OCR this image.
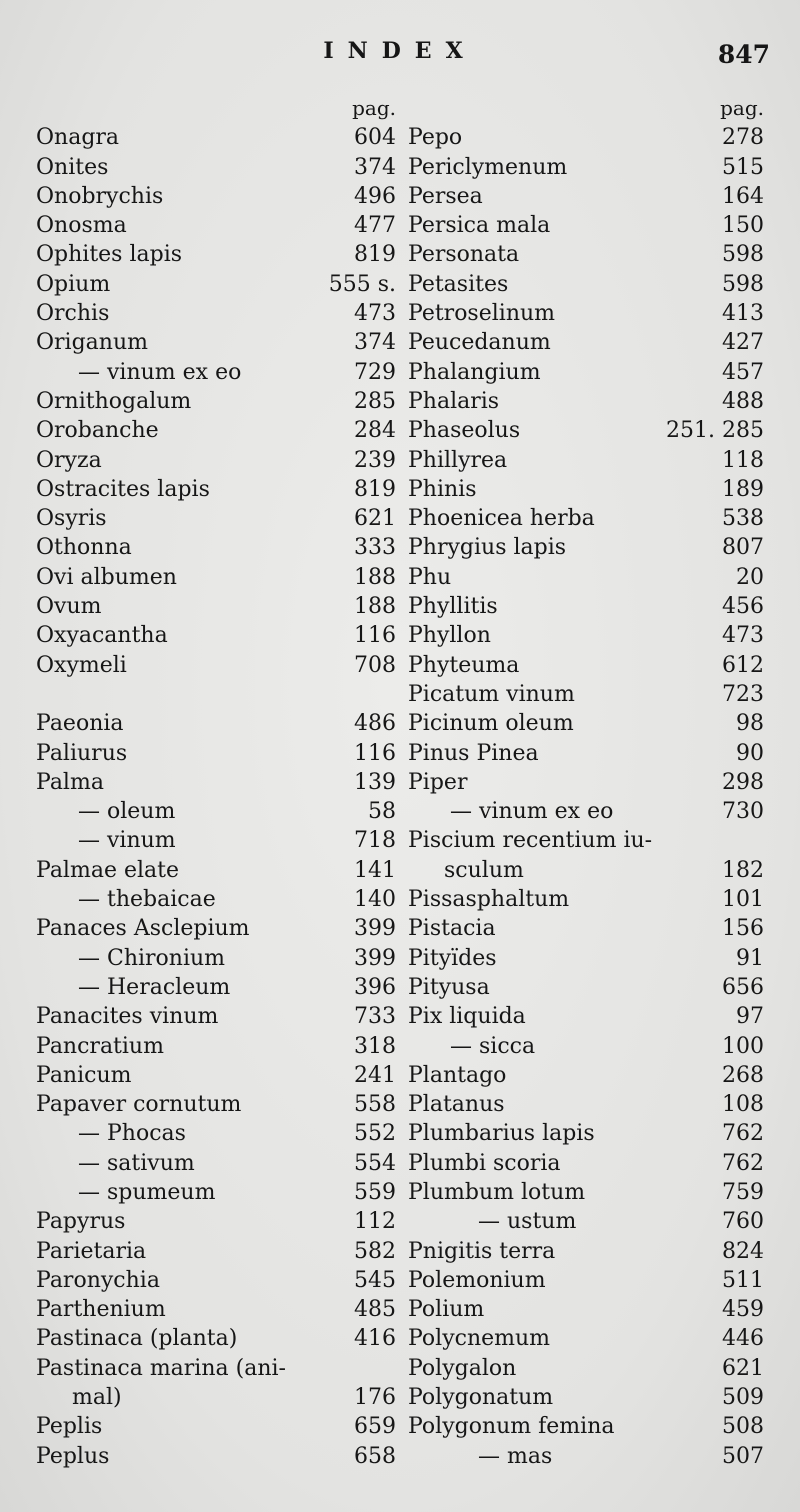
INDEX	847
pag.
Onagra	604
Onites	374
Onobrychis	496
Onosma	477
Ophites lapis	819
Opium	555 s.
Orchis	473
Origanum	374
— vinum ex eo	729
Ornithogalum	285
Orobanche	284
Oryza	239
Ostracites lapis	819
Osyris	621
Othonna	333
Ovi albumen	188
Ovum	188
Oxyacantha	116
Oxymeli	708
Paeonia	486
Paliurus	116
Palma	139
— oleum	58
— vinum	718
Palmae elate	141
— thebaicae	140
Panaces Asclepium	399
— Chironium	399
— Heracleum	396
Panacites vinum	733
Pancratium	318
Panicum	241
Papaver cornutum	558
— Phocas	552
— sativum	554
— spumeum	559
Papyrus	112
Parietaria	582
Paronychia	545
Parthenium	485
Pastinaca (planta)	416
Pastinaca marina (ani-
mal)	176
Peplis	659
Peplus	658
pag.
Pepo	278
Periclymenum	515
Persea	164
Persica mala	150
Personata	598
Petasites	598
Petroselinum	413
Peucedanum	427
Phalangium	457
Phalaris	488
Phaseolus	251. 285
Phillyrea	118
Phinis	189
Phoenicea herba	538
Phrygius lapis	807
Phu	20
Phyllitis	456
Phyllon	473
Phyteuma	612
Picatum vinum	723
Picinum oleum	98
Pinus Pinea	90
Piper	298
— vinum ex eo	730
Piscium recentium iu-
sculum	182
Pissasphaltum	101
Pistacia	156
Pityïdes	91
Pityusa	656
Pix liquida	97
— sicca	100
Plantago	268
Platanus	108
Plumbarius lapis	762
Plumbi scoria	762
Plumbum lotum	759
— ustum	760
Pnigitis terra	824
Polemonium	511
Polium	459
Polycnemum	446
Polygalon	621
Polygonatum	509
Polygonum femina	508
— mas	507
